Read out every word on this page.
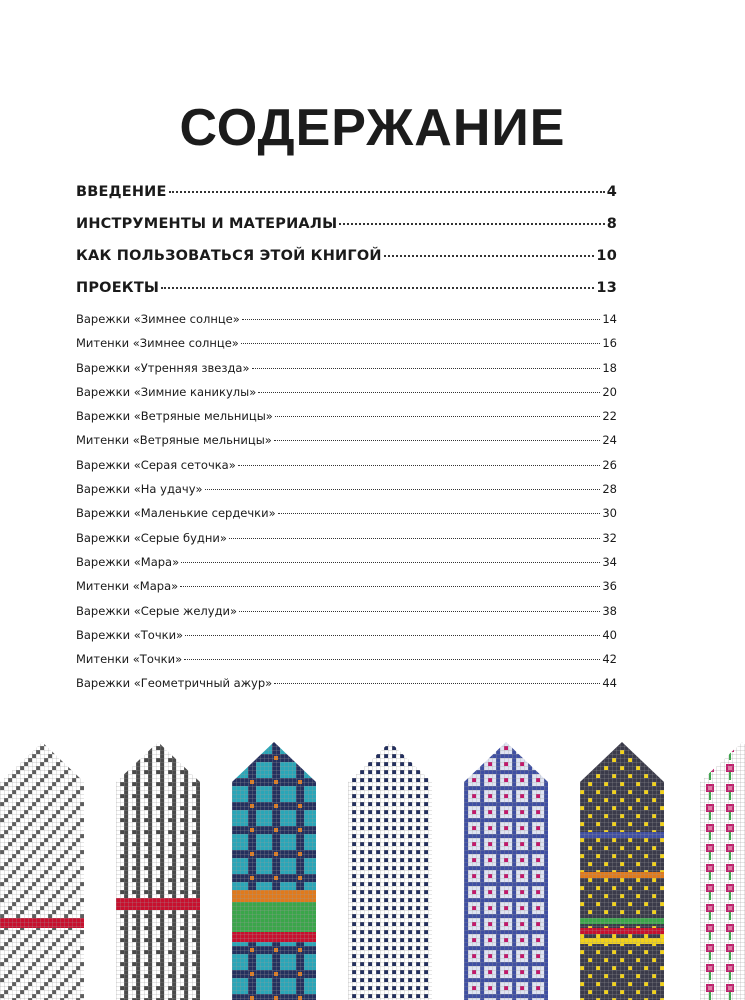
СОДЕРЖАНИЕ
ВВЕДЕНИЕ	4
ИНСТРУМЕНТЫ И МАТЕРИАЛЫ	8
КАК ПОЛЬЗОВАТЬСЯ ЭТОЙ КНИГОЙ	10
ПРОЕКТЫ	13
Варежки «Зимнее солнце»	14
Митенки «Зимнее солнце»	16
Варежки «Утренняя звезда»	18
Варежки «Зимние каникулы»	20
Варежки «Ветряные мельницы»	22
Митенки «Ветряные мельницы»	24
Варежки «Серая сеточка»	26
Варежки «На удачу»	28
Варежки «Маленькие сердечки»	30
Варежки «Серые будни»	32
Варежки «Мара»	34
Митенки «Мара»	36
Варежки «Серые желуди»	38
Варежки «Точки»	40
Митенки «Точки»	42
Варежки «Геометричный ажур»	44
